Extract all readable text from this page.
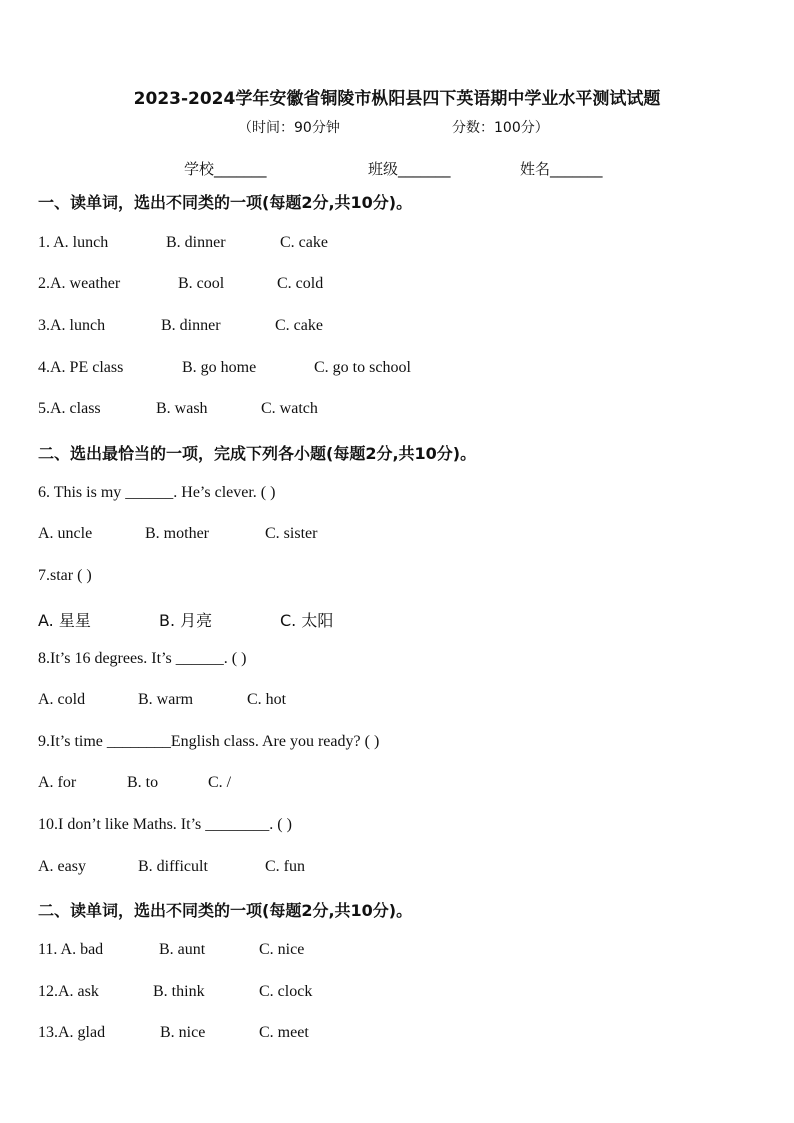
2023-2024学年安徽省铜陵市枞阳县四下英语期中学业水平测试试题
（时间：90分钟	分数：100分）
学校_______	班级_______	姓名_______
一、读单词，选出不同类的一项(每题2分,共10分)。
1. A. lunch	B. dinner	C. cake
2.A. weather	B. cool	C. cold
3.A. lunch	B. dinner	C. cake
4.A. PE class	B. go home	C. go to school
5.A. class	B. wash	C. watch
二、选出最恰当的一项，完成下列各小题(每题2分,共10分)。
6. This is my ______. He’s clever. ( )
A. uncle	B. mother	C. sister
7.star ( )
A. 星星	B. 月亮	C. 太阳
8.It’s 16 degrees. It’s ______. ( )
A. cold	B. warm	C. hot
9.It’s time ________English class. Are you ready? ( )
A. for	B. to	C. /
10.I don’t like Maths. It’s ________. ( )
A. easy	B. difficult	C. fun
二、读单词，选出不同类的一项(每题2分,共10分)。
11. A. bad	B. aunt	C. nice
12.A. ask	B. think	C. clock
13.A. glad	B. nice	C. meet
